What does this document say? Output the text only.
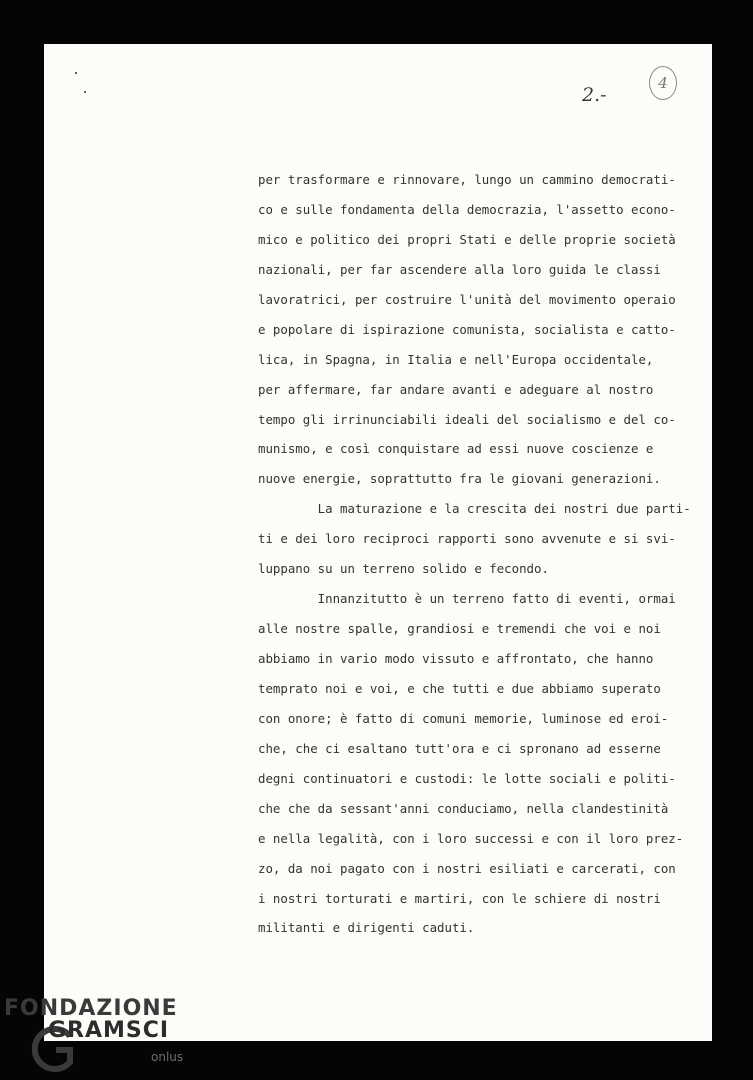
2.-
4
per trasformare e rinnovare, lungo un cammino democrati-
co e sulle fondamenta della democrazia, l'assetto econo-
mico e politico dei propri Stati e delle proprie società
nazionali, per far ascendere alla loro guida le classi
lavoratrici, per costruire l'unità del movimento operaio
e popolare di ispirazione comunista, socialista e catto-
lica, in Spagna, in Italia e nell'Europa occidentale,
per affermare, far andare avanti e adeguare al nostro
tempo gli irrinunciabili ideali del socialismo e del co-
munismo, e così conquistare ad essi nuove coscienze e
nuove energie, soprattutto fra le giovani generazioni.
La maturazione e la crescita dei nostri due parti-
ti e dei loro reciproci rapporti sono avvenute e si svi-
luppano su un terreno solido e fecondo.
Innanzitutto è un terreno fatto di eventi, ormai
alle nostre spalle, grandiosi e tremendi che voi e noi
abbiamo in vario modo vissuto e affrontato, che hanno
temprato noi e voi, e che tutti e due abbiamo superato
con onore; è fatto di comuni memorie, luminose ed eroi-
che, che ci esaltano tutt'ora e ci spronano ad esserne
degni continuatori e custodi: le lotte sociali e politi-
che che da sessant'anni conduciamo, nella clandestinità
e nella legalità, con i loro successi e con il loro prez-
zo, da noi pagato con i nostri esiliati e carcerati, con
i nostri torturati e martiri, con le schiere di nostri
militanti e dirigenti caduti.
FONDAZIONE
GRAMSCI
onlus
